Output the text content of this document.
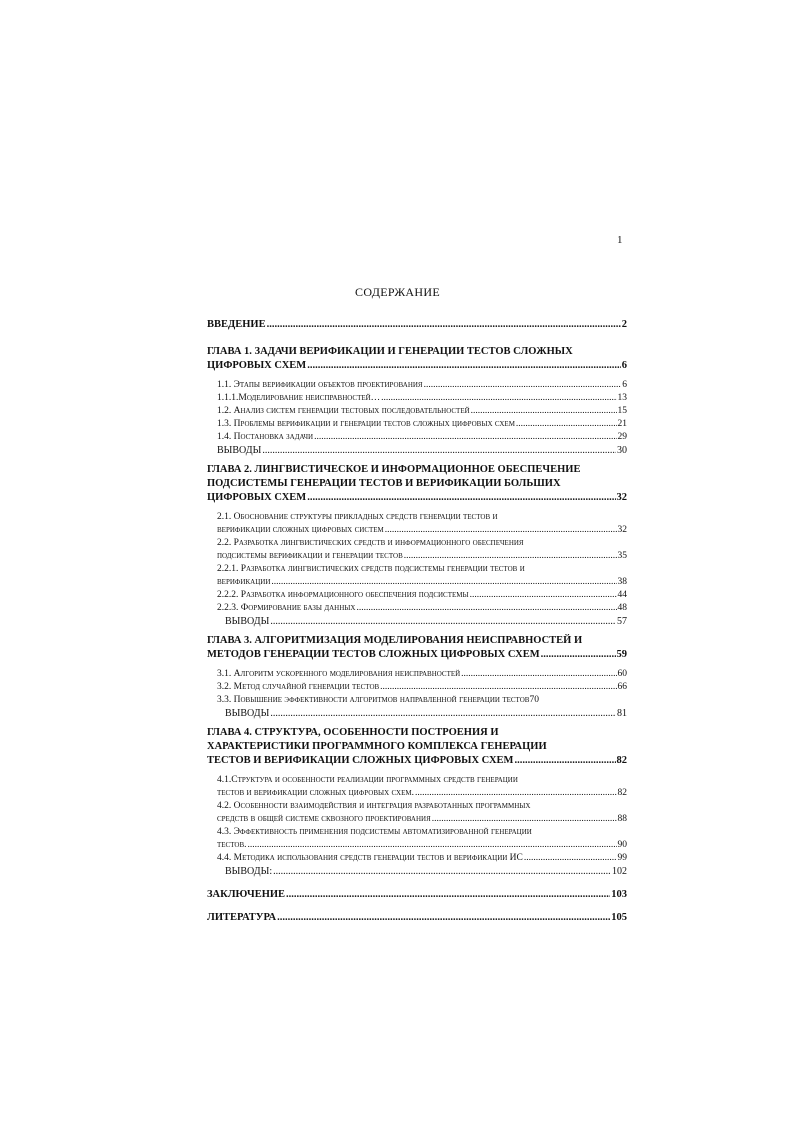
1
СОДЕРЖАНИЕ
ВВЕДЕНИЕ .....	2
ГЛАВА 1. ЗАДАЧИ ВЕРИФИКАЦИИ И ГЕНЕРАЦИИ ТЕСТОВ СЛОЖНЫХ
ЦИФРОВЫХ СХЕМ .....	6
1.1. Этапы верификации объектов проектирования .....	6
1.1.1.Моделирование неисправностей… .....	13
1.2. Анализ систем генерации тестовых последовательностей .....	15
1.3. Проблемы верификации и генерации тестов сложных цифровых схем .....	21
1.4. Постановка задачи .....	29
ВЫВОДЫ .....	30
ГЛАВА 2. ЛИНГВИСТИЧЕСКОЕ И ИНФОРМАЦИОННОЕ ОБЕСПЕЧЕНИЕ
ПОДСИСТЕМЫ ГЕНЕРАЦИИ ТЕСТОВ И ВЕРИФИКАЦИИ БОЛЬШИХ
ЦИФРОВЫХ СХЕМ .....	32
2.1. Обоснование структуры прикладных средств генерации тестов и
верификации сложных цифровых систем .....	32
2.2. Разработка лингвистических средств и информационного обеспечения
подсистемы верификации и генерации тестов .....	35
2.2.1. Разработка лингвистических средств подсистемы генерации тестов и
верификации .....	38
2.2.2. Разработка информационного обеспечения подсистемы .....	44
2.2.3. Формирование базы данных .....	48
ВЫВОДЫ .....	57
ГЛАВА 3. АЛГОРИТМИЗАЦИЯ МОДЕЛИРОВАНИЯ НЕИСПРАВНОСТЕЙ И
МЕТОДОВ ГЕНЕРАЦИИ ТЕСТОВ СЛОЖНЫХ ЦИФРОВЫХ СХЕМ .....	59
3.1. Алгоритм ускоренного моделирования неисправностей .....	60
3.2. Метод случайной генерации тестов .....	66
3.3. Повышение эффективности алгоритмов направленной генерации тестов 70
ВЫВОДЫ .....	81
ГЛАВА 4. СТРУКТУРА, ОСОБЕННОСТИ ПОСТРОЕНИЯ И
ХАРАКТЕРИСТИКИ ПРОГРАММНОГО КОМПЛЕКСА ГЕНЕРАЦИИ
ТЕСТОВ И ВЕРИФИКАЦИИ СЛОЖНЫХ ЦИФРОВЫХ СХЕМ .....	82
4.1.Структура и особенности реализации программных средств генерации
тестов и верификации сложных цифровых схем. .....	82
4.2. Особенности взаимодействия и интеграция разработанных программных
средств в общей системе сквозного проектирования .....	88
4.3. Эффективность применения подсистемы автоматизированной генерации
тестов. .....	90
4.4. Методика использования средств генерации тестов и верификации ИС .....	99
ВЫВОДЫ: .....	102
ЗАКЛЮЧЕНИЕ .....	103
ЛИТЕРАТУРА .....	105
